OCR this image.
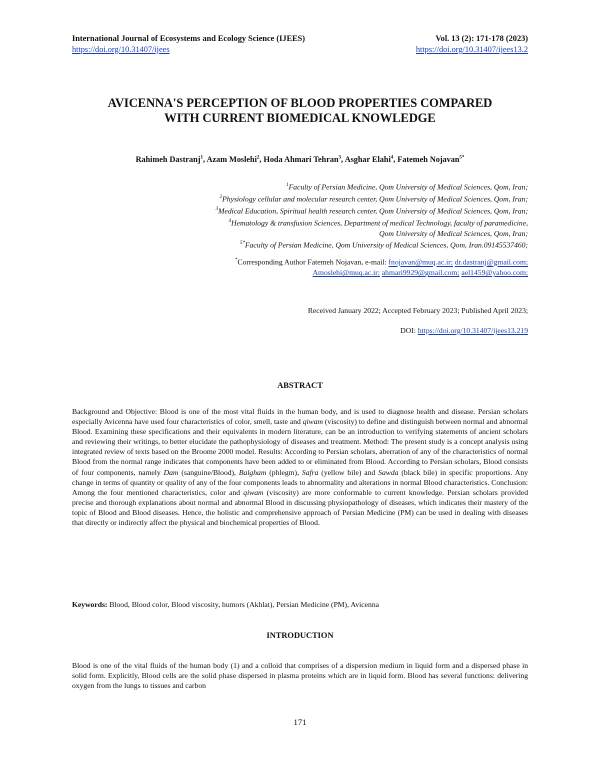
International Journal of Ecosystems and Ecology Science (IJEES)
https://doi.org/10.31407/ijees
Vol. 13 (2): 171-178 (2023)
https://doi.org/10.31407/ijees13.2
AVICENNA'S PERCEPTION OF BLOOD PROPERTIES COMPARED
WITH CURRENT BIOMEDICAL KNOWLEDGE
Rahimeh Dastranj$^1$, Azam Moslehi$^2$, Hoda Ahmari Tehran$^3$, Asghar Elahi$^4$, Fatemeh Nojavan$^{5*}$
$^1$Faculty of Persian Medicine, Qom University of Medical Sciences, Qom, Iran;
$^2$Physiology cellular and molecular research center, Qom University of Medical Sciences, Qom, Iran;
$^3$Medical Education, Spiritual health research center, Qom University of Medical Sciences, Qom, Iran;
$^4$Hematology & transfusion Sciences, Department of medical Technology, faculty of paramedicine,
Qom University of Medical Sciences, Qom, Iran;
$^{5*}$Faculty of Persian Medicine, Qom University of Medical Sciences, Qom, Iran.09145537460;
*Corresponding Author Fatemeh Nojavan, e-mail: fnojavan@muq.ac.ir; dr.dastranj@gmail.com;
Amoslehi@muq.ac.ir; ahmari9929@gmail.com; ael1459@yahoo.com;
Received January 2022; Accepted February 2023; Published April 2023;
DOI: https://doi.org/10.31407/ijees13.219
ABSTRACT
Background and Objective: Blood is one of the most vital fluids in the human body, and is used to diagnose health and disease. Persian scholars especially Avicenna have used four characteristics of color, smell, taste and qiwam (viscosity) to define and distinguish between normal and abnormal Blood. Examining these specifications and their equivalents in modern literature, can be an introduction to verifying statements of ancient scholars and reviewing their writings, to better elucidate the pathophysiology of diseases and treatment. Method: The present study is a concept analysis using integrated review of texts based on the Broome 2000 model. Results: According to Persian scholars, aberration of any of the characteristics of normal Blood from the normal range indicates that components have been added to or eliminated from Blood. According to Persian scholars, Blood consists of four components, namely Dam (sanguine/Blood), Balgham (phlegm), Safra (yellow bile) and Sawda (black bile) in specific proportions. Any change in terms of quantity or quality of any of the four components leads to abnormality and alterations in normal Blood characteristics. Conclusion: Among the four mentioned characteristics, color and qiwam (viscosity) are more conformable to current knowledge. Persian scholars provided precise and thorough explanations about normal and abnormal Blood in discussing physiopathology of diseases, which indicates their mastery of the topic of Blood and Blood diseases. Hence, the holistic and comprehensive approach of Persian Medicine (PM) can be used in dealing with diseases that directly or indirectly affect the physical and biochemical properties of Blood.
Keywords: Blood, Blood color, Blood viscosity, humors (Akhlat), Persian Medicine (PM), Avicenna
INTRODUCTION
Blood is one of the vital fluids of the human body (1) and a colloid that comprises of a dispersion medium in liquid form and a dispersed phase in solid form. Explicitly, Blood cells are the solid phase dispersed in plasma proteins which are in liquid form. Blood has several functions: delivering oxygen from the lungs to tissues and carbon
171
